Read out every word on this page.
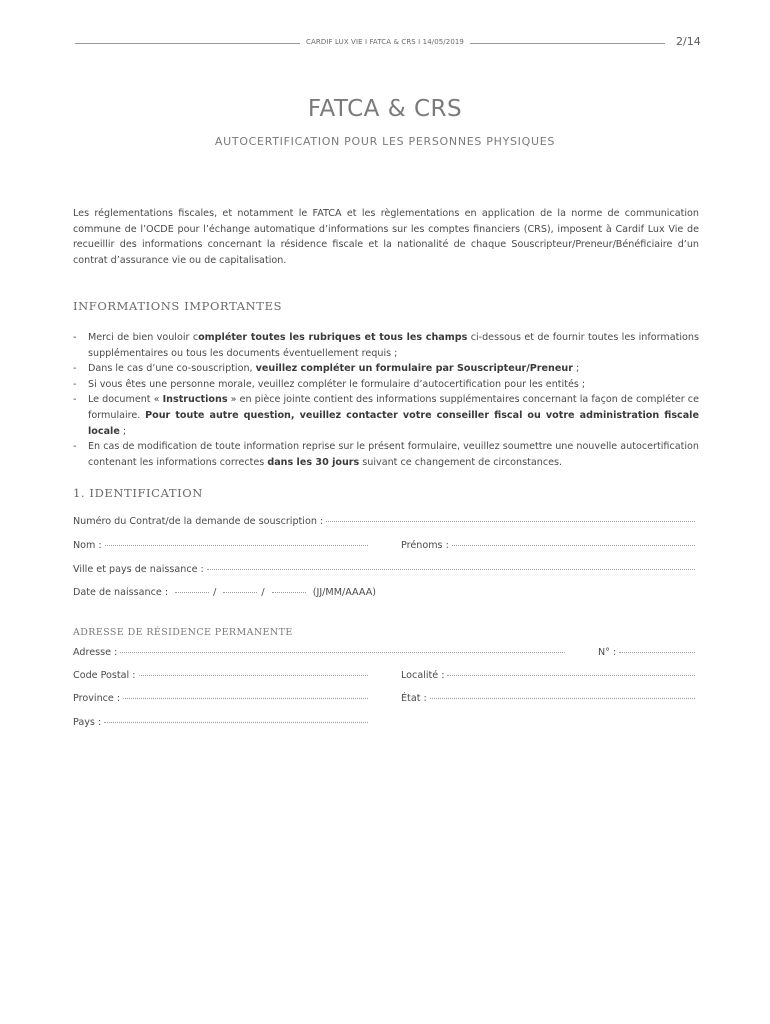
CARDIF LUX VIE I FATCA & CRS I 14/05/2019	2/14
FATCA & CRS
AUTOCERTIFICATION POUR LES PERSONNES PHYSIQUES
Les réglementations fiscales, et notamment le FATCA et les règlementations en application de la norme de communication commune de l’OCDE pour l’échange automatique d’informations sur les comptes financiers (CRS), imposent à Cardif Lux Vie de recueillir des informations concernant la résidence fiscale et la nationalité de chaque Souscripteur/Preneur/Bénéficiaire d’un contrat d’assurance vie ou de capitalisation.
INFORMATIONS IMPORTANTES
- Merci de bien vouloir compléter toutes les rubriques et tous les champs ci-dessous et de fournir toutes les informations supplémentaires ou tous les documents éventuellement requis ;
- Dans le cas d’une co-souscription, veuillez compléter un formulaire par Souscripteur/Preneur ;
- Si vous êtes une personne morale, veuillez compléter le formulaire d’autocertification pour les entités ;
- Le document « Instructions » en pièce jointe contient des informations supplémentaires concernant la façon de compléter ce formulaire. Pour toute autre question, veuillez contacter votre conseiller fiscal ou votre administration fiscale locale ;
- En cas de modification de toute information reprise sur le présent formulaire, veuillez soumettre une nouvelle autocertification contenant les informations correctes dans les 30 jours suivant ce changement de circonstances.
1. IDENTIFICATION
Numéro du Contrat/de la demande de souscription :
Nom :	Prénoms :
Ville et pays de naissance :
Date de naissance :	/	/	(JJ/MM/AAAA)
ADRESSE DE RÉSIDENCE PERMANENTE
Adresse :	N° :
Code Postal :	Localité :
Province :	État :
Pays :
